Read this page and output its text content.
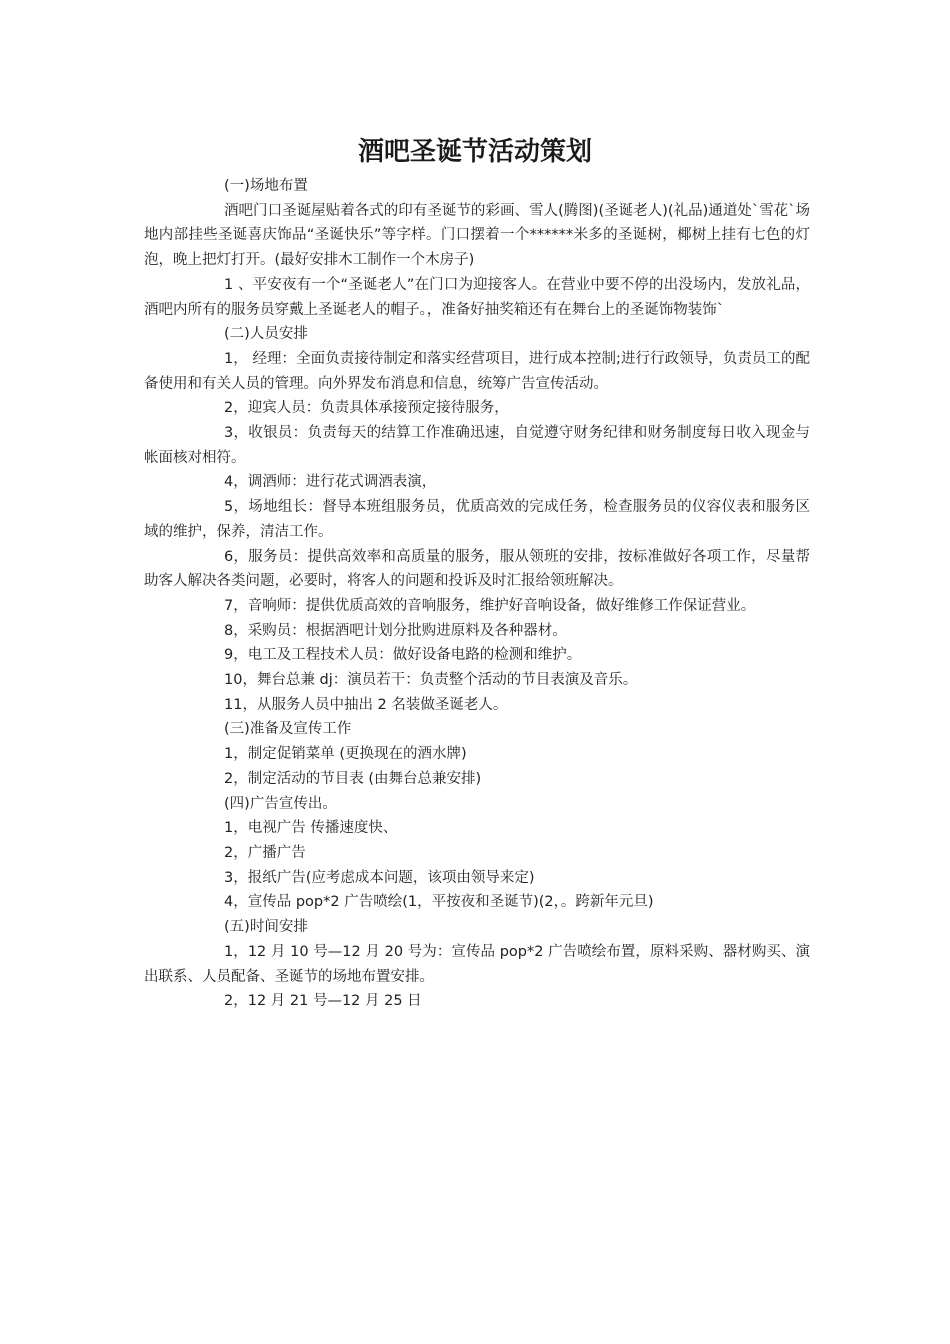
酒吧圣诞节活动策划

(一)场地布置

酒吧门口圣诞屋贴着各式的印有圣诞节的彩画、雪人(腾图)(圣诞老人)(礼品)通道处`雪花`场地内部挂些圣诞喜庆饰品“圣诞快乐”等字样。门口摆着一个******米多的圣诞树，椰树上挂有七色的灯泡，晚上把灯打开。(最好安排木工制作一个木房子)

1 、平安夜有一个“圣诞老人”在门口为迎接客人。在营业中要不停的出没场内，发放礼品，酒吧内所有的服务员穿戴上圣诞老人的帽子。，准备好抽奖箱还有在舞台上的圣诞饰物装饰`

(二)人员安排

1， 经理：全面负责接待制定和落实经营项目，进行成本控制;进行行政领导，负责员工的配备使用和有关人员的管理。向外界发布消息和信息，统筹广告宣传活动。

2，迎宾人员：负责具体承接预定接待服务，

3，收银员：负责每天的结算工作准确迅速，自觉遵守财务纪律和财务制度每日收入现金与帐面核对相符。

4，调酒师：进行花式调酒表演，

5，场地组长：督导本班组服务员，优质高效的完成任务，检查服务员的仪容仪表和服务区域的维护，保养，清洁工作。

6，服务员：提供高效率和高质量的服务，服从领班的安排，按标准做好各项工作，尽量帮助客人解决各类问题，必要时，将客人的问题和投诉及时汇报给领班解决。

7，音响师：提供优质高效的音响服务，维护好音响设备，做好维修工作保证营业。

8，采购员：根据酒吧计划分批购进原料及各种器材。

9，电工及工程技术人员：做好设备电路的检测和维护。

10，舞台总兼 dj：演员若干：负责整个活动的节目表演及音乐。

11，从服务人员中抽出 2 名装做圣诞老人。

(三)准备及宣传工作

1，制定促销菜单 (更换现在的酒水牌)

2，制定活动的节目表 (由舞台总兼安排)

(四)广告宣传出。

1，电视广告 传播速度快、

2，广播广告

3，报纸广告(应考虑成本问题，该项由领导来定)

4，宣传品 pop*2 广告喷绘(1，平按夜和圣诞节)(2，。跨新年元旦)

(五)时间安排

1，12 月 10 号—12 月 20 号为：宣传品 pop*2 广告喷绘布置，原料采购、器材购买、演出联系、人员配备、圣诞节的场地布置安排。

2，12 月 21 号—12 月 25 日
